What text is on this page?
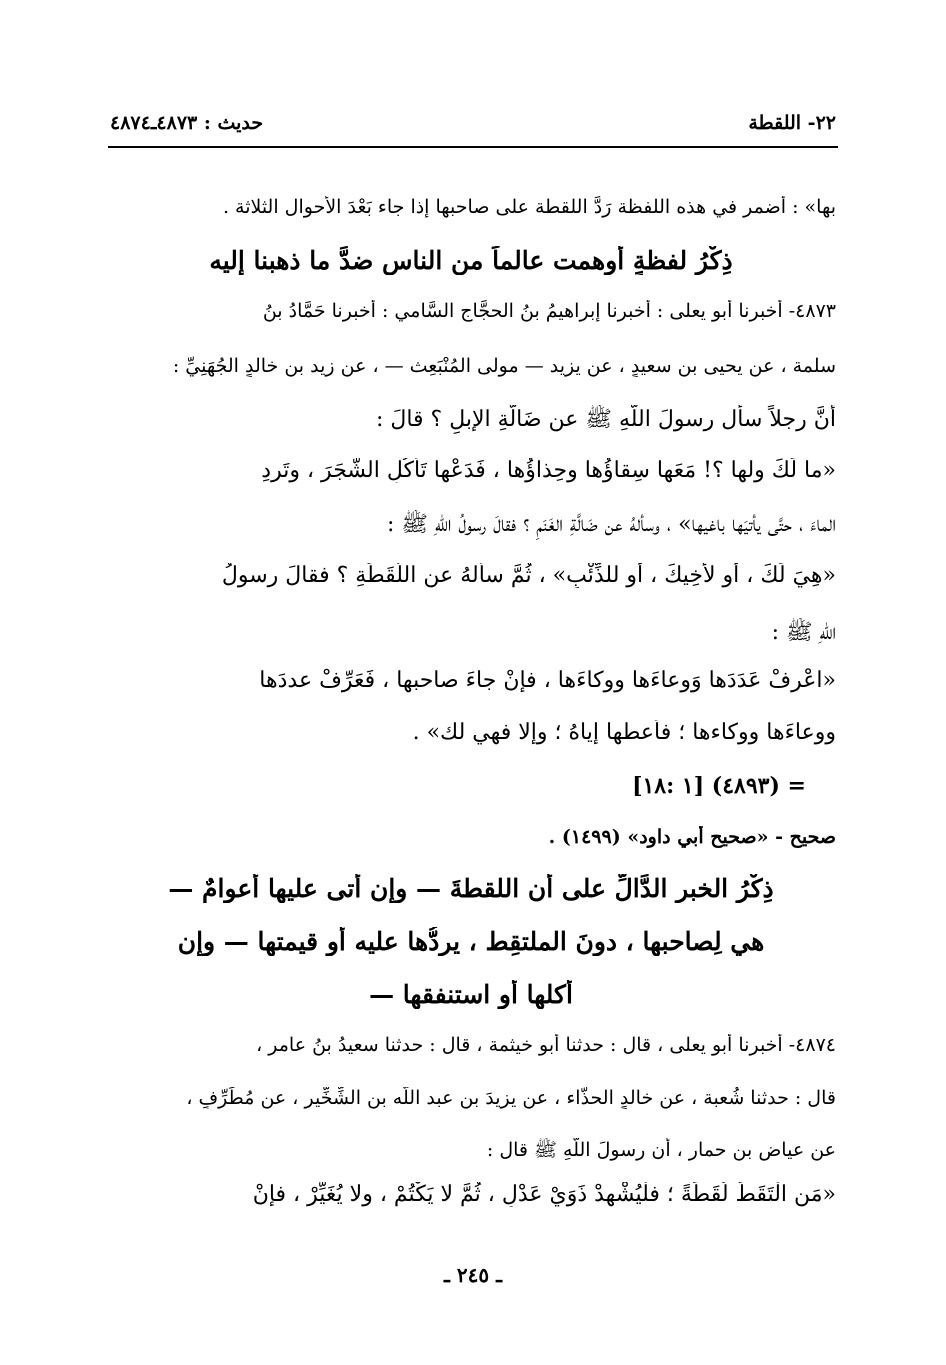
٢٢- اللقطة
حديث : ٤٨٧٣ـ٤٨٧٤
بها» : أضمر في هذه اللفظة رَدَّ اللقطة على صاحبها إذا جاء بَعْدَ الأَحوال الثلاثة .
ذِكْرُ لفظةٍ أوهمت عالماً من الناس ضدَّ ما ذهبنا إليه
٤٨٧٣- أخبرنا أبو يعلى : أخبرنا إبراهيمُ بنُ الحجَّاج السَّامي : أخبرنا حَمَّادُ بنُ
سلمة ، عن يحيى بن سعيدٍ ، عن يزيد — مولى المُنْبَعِث — ، عن زيد بن خالدٍ الجُهَنِيِّ :
أنَّ رجلاً سأل رسولَ اللّهِ ﷺ عن ضَالَّةِ الإبلِ ؟ قالَ :
«ما لَكَ ولها ؟! مَعَها سِقاؤُها وحِذاؤُها ، فَدَعْها تَأْكُلِ الشَّجَرَ ، وتَرِدِ
الماءَ ، حتَّى يأتيَها باغيها» ، وسألهُ عن ضَالَّةِ الغَنَمِ ؟ فقالَ رسولُ اللّهِ ﷺ :
«هِيَ لَكَ ، أو لأَخِيكَ ، أو للذِّئْبِ» ، ثُمَّ سألهُ عن اللُّقَطَةِ ؟ فقالَ رسولُ
اللّهِ ﷺ :
«اعْرِفْ عَدَدَها وَوِعاءَها ووكاءَها ، فإنْ جاءَ صاحبها ، فَعَرِّفْ عددَها
ووعاءَها ووكاءها ؛ فأعطها إياهُ ؛ وإلا فهي لك» .
= (٤٨٩٣) [١ :١٨]
صحيح - «صحيح أبي داود» (١٤٩٩) .
ذِكْرُ الخبرِ الدَّالِّ على أن اللقطةَ — وإن أتى عليها أعوامٌ —
هي لِصاحبها ، دونَ الملتقِط ، يردُّها عليه أو قيمتها — وإن
أكلها أو استنفقها —
٤٨٧٤- أخبرنا أبو يعلى ، قال : حدثنا أبو خيثمة ، قال : حدثنا سعيدُ بنُ عامر ،
قال : حدثنا شُعبة ، عن خالدٍ الحذَّاء ، عن يزيدَ بنِ عبد اللّه بن الشِّخِّير ، عن مُطَرِّفٍ ،
عن عياض بن حمار ، أن رسولَ اللّهِ ﷺ قال :
«مَنِ الْتَقَطَ لُقَطَةً ؛ فلْيُشْهِدْ ذَوَيْ عَدْلٍ ، ثُمَّ لا يَكْتُمْ ، ولا يُغَيِّرْ ، فإنْ
ـ ٢٤٥ ـ
